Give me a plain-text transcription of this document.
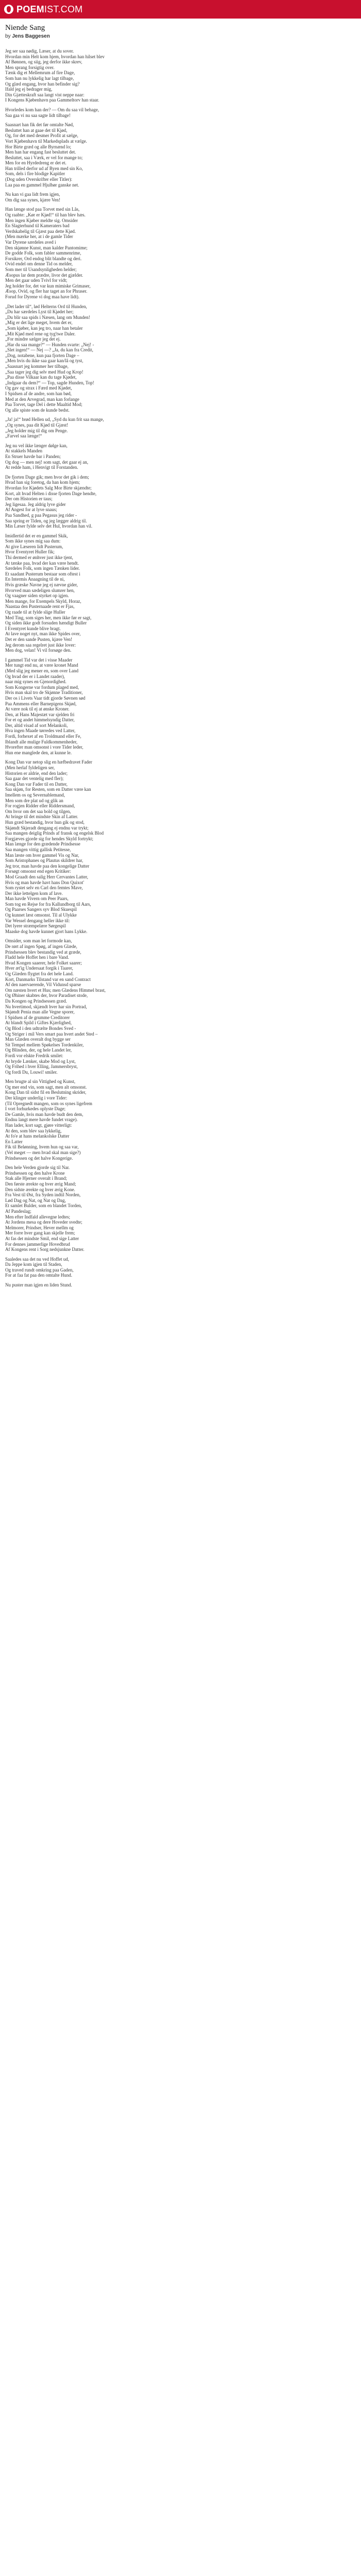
POEM IST.COM
Niende Sang
by Jens Baggesen
Jeg ser saa nødig, Læser, at du sover.
Hvordan min Helt kom hjem, hvordan han hilset blev
Af Bønnen, og siig, jeg derfor ikke skrev,
Men sprang forsigtig over.
Tænk dig et Mellemrum af fire Dage,
Som han nu lykkelig har lagt tilbage,
Og glæd engang, hvor han befinder sig?
Ifald jeg ej bedrager mig,
Din Gjætteskraft saa langt vist neppe naar:
I Kongens Kjøbenhavn paa Gammeltorv han staar.
Hvorledes kom han der? — Om du saa vil behage,
Saa gaa vi nu saa sagte lidt tilbage!
Saasnart han fik det før omtalte Nød,
Besluttet han at gaae det til Kjød,
Og, for det med desmer Profit at sælge,
Vort Kjøbenhavn til Markedsplads at vælge.
Hor Birte græd og alle Byrnænd lo;
Men han har engang fast besluttet det.
Besluttet, saa i Værk, er vel for mange to;
Men for en Hyrdedreng er det et.
Han trilled derfor ud af Byen med sin Ko,
Som, dels i fire blodige Kapitler
(Dog uden Overskrifter eller Titler):
Laa paa en gammel Hjulbør ganske net.
Nu kan vi gaa lidt frem igjen,
Om dig saa synes, kjære Ven!
Han længe stod paa Torvet med sin Lås,
Og raabte: „Kør er Kjød!“ til han blev hæs.
Men ingen Kjøber meldte sig. Omsider
En Slagterhund til Kameraters bad
Verdskabelig til Gjæst paa dette Kjød.
(Men mærke her, at i de gamle Tider
Var Dyrene særdeles aved i
Den skjønne Kunst, man kalder Pantomime;
De godde Folk, som fabler sammenrime,
Forsikrer, Ord endog blit blandte og deri.
Ovid endel om denne Tid os melder,
Som mer til Usandsynligheden helder;
Æsopus lar dem prædre, livor det gjælder.
Men det gaar uden Tvivl for vidt;
Jeg holder for, det var kun mimiske Grimaser,
Æsop, Ovid, og fler har taget an for Phraser.
Forud for Dyrene vi dog maa have lidt).
„Det lader til“, lød Helterns Ord til Hunden,
„Du har særdeles Lyst til Kjødet her;
„Du blir saa spids i Næsen, lang om Munden!
„Mig er det lige meget, hvem det er,
„Som kjøber, kan jeg tro, naar han betaler
„Mit Kjød med rene og tyg'twe Daler.
„For mindre sælger jeg det ej.
„Har du saa mange?“ — Hunden svarte: „Nej! -
„Slet ingen!“ — Nej —? „Ja, du kan fra Credit,
„Dog, notabene, kun paa fjorten Dage –
„Men hvis du ikke saa gaar kan/lå og tyst,
„Saasnart jeg kommer her tilbage,
„Saa tager jeg dig selv med Hud og Krop!
„Paa disse Vilkaar kan du tage Kjødet,
„Indgaar du dem?“ — Top, sagde Hunden, Top!
Og gav og strax i Færd med Kjødet,
I Spidsen af de andre, som han bød,
Med at den Arvegrad, man kan forlange
Paa Torvet, tage Del i dette Maaltid Mod;
Og alle spiste som de kunde bedst.
„Ja! ja!“ brød Hellen ud, „Syd du kun frit saa mange,
„Og synes, paa dit Kjød til Gjæst!
„Jeg holder mig til dig om Penge.
„Farvel saa længe!“
Jeg nu vel ikke længer dølge kan,
At stakkels Manden
En Struer havde bar i Panden;
Og dog — men nej! som sagt, det gaar ej an,
At redde ham, i Henvigt til Forstanden.
De fjorten Dage gik; men hvor det gik i dem;
Hvad han sig foretog, da han kom hjem;
Hvordan for Kjødets Salg Mor Birte skjændte;
Kort, alt hvad Helten i disse fjorten Dage hendte,
Der om Historien er taus;
Jeg ligesaa. Jeg aldrig lyve gider
Af Angest for at lyve snaus;
Paa Sandhed, g paa Pegasus jeg rider -
Saa spring er Tiden, og jeg lægger aldrig til.
Min Læser fylde selv det Hul, hvordan han vil.
Imidlertid det er en gammel Skik,
Som ikke synes mig saa dum:
At give Læseren lidt Pusterum,
Hvor Eventyret Huller fik;
Thi dermed er ønhver just ikke tjent,
At tænke paa, hvad der kan være hendt.
Særdeles Folk, som ingen Tænken lider.
Et saadant Pusterum bestaar som oftest i
En Intermis Anaagning til de ni,
Hvis græske Navne jeg ej nævne gider,
Hvorved man sædeligen slumrer hen,
Og vaagner siden styrket op igjen.
Men mange, for Exempels Skyld, Horaz,
Naastaa den Pusternaade rent er Fjas,
Og raade til at fylde slige Huller
Med Ting, som siges her, men ikke før er sagt,
Og siden ikke godt forsuden hændigt Buller
I Eventyret kunde blive bragt.
At lave noget nyt, man ikke Spides over,
Det er den sande Pusten, kjære Ven!
Jeg derom saa regelret just ikke lover:
Men dog, velan! Vi vil forsøge den.
I gammel Tid var det i visse Maader
Mer tungt end nu, at være kronet Mand
(Med slig jeg mener en, som over Land
Og hvad der er i Landet raader),
naar mig synes en Gjenordighed.
Som Kongerne var fordum plaged med,
Hvis man skal tro de Skjønne Traditioner,
Der os i Livets Vaar tidt gjorde Søvnen sød
Paa Ammens eller Barnepigens Skjød,
At være nok til ej at ønske Kroner.
Den, at Hans Majestæt var sjelden fri
For et og andet himmelsyndig Datter,
Der, altid visad af sort Melankoli,
Hva ingen Maade tørredes ved Latter,
Fordi, forhexet af en Troldmand eller Fe,
Iblandt alle mulige Fuldkommenheder,
Hvorefter man omsonst i vore Tider leder,
Hun ene manglede den, at kunne le.
Kong Dan var netop slig en hæfbedravet Fader
(Men herlaf fyldeligen ser,
Historien er aldrie, end den lader;
Saa gaar det ventelig med fler);
Kong Dan var Fader til en Datter,
Saa skjøn, for Resten, som en Datter være kan
Imellem os og Severnablemand,
Men som dre plat ud og glik an
For rogjen Ridder eller Riddersmand,
Om hvor om det saa bold og tilgen,
At bringe til det mindste Skin af Latter.
Hun græd bestandig, hvor hun gik og stod,
Skjøndt Skjeradt dengang ej endnu var trykt;
Saa mangen deiglig Prinds af fransk og engelsk Blod
Forgjæves gjorde sig for hendes Skyld fortrykt;
Man længe for den grædende Prindsesse
Saa mangen vittig gallisk Petitesse,
Man læste om hver gammel Vis og Nar,
Som Aristophanes og Plautus skildrer har,
Jeg tror, man havde paa den kongelige Datter
Forsøgt omsonst end egen Kritiker:
Mod Graadt den salig Herr Cervantes Latter,
Hvis og man havde havt hans Don Quixot'
Som rystet selv en Carl den femtes Mave,
Der ikke lettelgen kom af lave.
Man havde Vivern om Peer Paars,
Som tog en Rejse for fra Kallundborg til Aars,
Og Paarses Sangers syv Blod Skuespil
Og kunnet læst omsonst. Til al Ulykke
Var Wessel dengang heller ikke til:
Det lyere stræmpelære Sørgespil
Maaske dog havde kunnet gjort hans Lykke.
Omsider, som man let formode kan,
De rørt af ingen Spøg, af ingen Glæde,
Prindsessen blev bestandig ved at græde,
Fladd hele Hoffet hen i bare Vand.
Hvad Kongen saaerer, hele Folket saarer;
Hver æt'ig Undersaat forgik i Taarer,
Og Glæden flygtet fra det hele Land.
Kort, Danmarks Tilstand var en sand Contract
Af den naervaerende, Vil Vidunsd sparse
Om næsten hvert et Hus; men Glædens Himmel brast,
Og Øhiner skabtes der, hvor Paradiset stode,
Da Kongen og Prindsessen græd.
Nu hvertimod, skjændt hver har sin Portrad,
Skjøndt Penia man alle Vegne sporer,
I Spidsen af de grumme Creditorer
At blandt Spild i Giftes Kjærlighed,
Og Blod i den udtrælte Bondes Sved -
Og Striger i mil Vers smart paa hvert andet Sted –
Man Glæden overalt dog bygge ser
Sit Tempel mellem Spøkelses Tordenkiler,
Og Blinden, der, og hele Landet ler,
Fordi vor elskte Fredrik smilet:
At bryde Lænker, skabe Mod og Lyst,
Og Frihed i hver Elling, Jammersbryst,
Og fordi Du, Louwi! smiler.
Men brugte al sin Vittighed og Kunst,
Og mer end vin, som sagt, men alt omsonst.
Kong Dan til sidst fil en Beslutning skrider,
Der klinger underlig i vore Tider:
(Til Opregnedt mangen, som os synes ligefrem
I vort forhurkedes oplyste Dage;
De Gamle, hvis man havde budt den dem,
Endnu langt mere havde fundet vrage).
Han lader, kort sagt, gjøre vitterligt:
At den, som blev saa lykkelig,
At fo'e at hans melankolske Datter
En Latter
Fik til Belønning, hvem hun og saa var,
(Vel meget — men hvad skal man sige?)
Prindsessen og det halve Kongerige.
Den hele Verden gjorde sig til Nar.
Prindsessen og den halve Krone
Stak alle Hjerner overalt i Brand;
Den første ærekte og hver ærig Mand;
Den sidste ærekte og hver ærig Kone.
Fra Vest til Øst, fra Syden indtil Norden,
Lød Dag og Nat, og Nat og Dag,
Et samlet Bulder, som en blandet Torden,
Af Pandeslag;
Men efter Indfald allevegne ledtes;
At Jordens mesa og dere Hoveder svedte;
Melmorer, Prindser, Hever mellm og
Mer forre hver gang kan skjelle frem;
At fas det mindste Smil, end sige Latter
For dennes jammerlige Hovedbrud
Af Kongens rent i Sorg nedsjunkne Datter.
Saaledes saa det nu ved Hoffet ud,
Da Jeppe kom igjen til Staden,
Og traved rundt omkring paa Gaden,
For at faa fat paa den omtalte Hund.
Nu puster man igjen en liden Stund.
